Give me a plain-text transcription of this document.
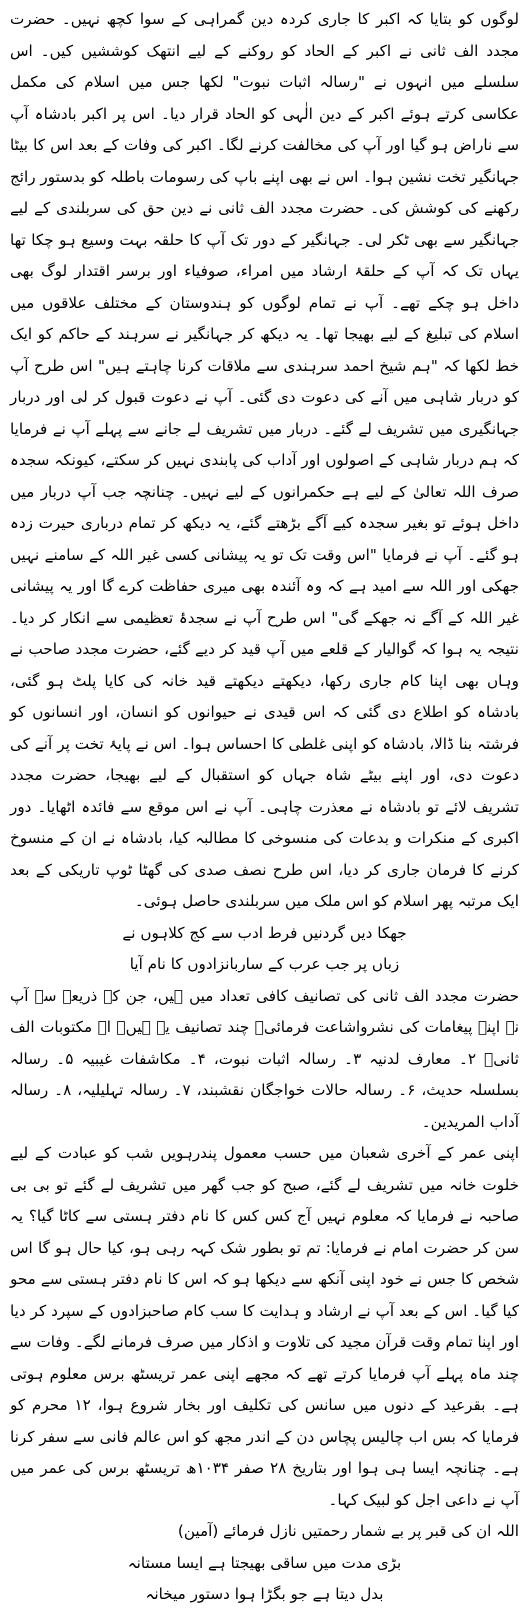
لوگوں کو بتایا کہ اکبر کا جاری کردہ دین گمراہی کے سوا کچھ نہیں۔ حضرت مجدد الف ثانی نے اکبر کے الحاد کو روکنے کے لیے انتھک کوششیں کیں۔ اس سلسلے میں انہوں نے "رسالہ اثبات نبوت" لکھا جس میں اسلام کی مکمل عکاسی کرتے ہوئے اکبر کے دین الٰہی کو الحاد قرار دیا۔ اس پر اکبر بادشاہ آپ سے ناراض ہو گیا اور آپ کی مخالفت کرنے لگا۔ اکبر کی وفات کے بعد اس کا بیٹا جہانگیر تخت نشین ہوا۔ اس نے بھی اپنے باپ کی رسومات باطلہ کو بدستور رائج رکھنے کی کوشش کی۔ حضرت مجدد الف ثانی نے دین حق کی سربلندی کے لیے جہانگیر سے بھی ٹکر لی۔ جہانگیر کے دور تک آپ کا حلقہ بہت وسیع ہو چکا تھا یہاں تک کہ آپ کے حلقۂ ارشاد میں امراء، صوفیاء اور برسر اقتدار لوگ بھی داخل ہو چکے تھے۔ آپ نے تمام لوگوں کو ہندوستان کے مختلف علاقوں میں اسلام کی تبلیغ کے لیے بھیجا تھا۔ یہ دیکھ کر جہانگیر نے سرہند کے حاکم کو ایک خط لکھا کہ "ہم شیخ احمد سرہندی سے ملاقات کرنا چاہتے ہیں" اس طرح آپ کو دربار شاہی میں آنے کی دعوت دی گئی۔ آپ نے دعوت قبول کر لی اور دربار جہانگیری میں تشریف لے گئے۔ دربار میں تشریف لے جانے سے پہلے آپ نے فرمایا کہ ہم دربار شاہی کے اصولوں اور آداب کی پابندی نہیں کر سکتے، کیونکہ سجدہ صرف اللہ تعالیٰ کے لیے ہے حکمرانوں کے لیے نہیں۔ چنانچہ جب آپ دربار میں داخل ہوئے تو بغیر سجدہ کیے آگے بڑھتے گئے، یہ دیکھ کر تمام درباری حیرت زدہ ہو گئے۔ آپ نے فرمایا "اس وقت تک تو یہ پیشانی کسی غیر اللہ کے سامنے نہیں جھکی اور اللہ سے امید ہے کہ وہ آئندہ بھی میری حفاظت کرے گا اور یہ پیشانی غیر اللہ کے آگے نہ جھکے گی" اس طرح آپ نے سجدۂ تعظیمی سے انکار کر دیا۔ نتیجہ یہ ہوا کہ گوالیار کے قلعے میں آپ قید کر دیے گئے، حضرت مجدد صاحب نے وہاں بھی اپنا کام جاری رکھا، دیکھتے دیکھتے قید خانہ کی کایا پلٹ ہو گئی، بادشاہ کو اطلاع دی گئی کہ اس قیدی نے حیوانوں کو انسان، اور انسانوں کو فرشتہ بنا ڈالا، بادشاہ کو اپنی غلطی کا احساس ہوا۔ اس نے پایۂ تخت پر آنے کی دعوت دی، اور اپنے بیٹے شاہ جہاں کو استقبال کے لیے بھیجا، حضرت مجدد تشریف لائے تو بادشاہ نے معذرت چاہی۔ آپ نے اس موقع سے فائدہ اٹھایا۔ دور اکبری کے منکرات و بدعات کی منسوخی کا مطالبہ کیا، بادشاہ نے ان کے منسوخ کرنے کا فرمان جاری کر دیا، اس طرح نصف صدی کی گھٹا ٹوپ تاریکی کے بعد ایک مرتبہ پھر اسلام کو اس ملک میں سربلندی حاصل ہوئی۔

جھکا دیں گردنیں فرط ادب سے کج کلاہوں نے

زباں پر جب عرب کے ساربانزادوں کا نام آیا

حضرت مجدد الف ثانی کی تصانیف کافی تعداد میں ہیں، جن کے ذریعے سے آپ نے اپنے پیغامات کی نشرواشاعت فرمائی۔ چند تصانیف یہ ہیں۔ ا۔ مکتوبات الف ثانیؒ ۲۔ معارف لدنیہ ۳۔ رسالہ اثبات نبوت، ۴۔ مکاشفات غیبیہ ۵۔ رسالہ بسلسلہ حدیث، ۶۔ رسالہ حالات خواجگان نقشبند، ۷۔ رسالہ تہلیلیہ، ۸۔ رسالہ آداب المریدین۔

اپنی عمر کے آخری شعبان میں حسب معمول پندرہویں شب کو عبادت کے لیے خلوت خانہ میں تشریف لے گئے، صبح کو جب گھر میں تشریف لے گئے تو بی بی صاحبہ نے فرمایا کہ معلوم نہیں آج کس کس کا نام دفتر ہستی سے کاٹا گیا؟ یہ سن کر حضرت امام نے فرمایا: تم تو بطور شک کہہ رہی ہو، کیا حال ہو گا اس شخص کا جس نے خود اپنی آنکھ سے دیکھا ہو کہ اس کا نام دفتر ہستی سے محو کیا گیا۔ اس کے بعد آپ نے ارشاد و ہدایت کا سب کام صاحبزادوں کے سپرد کر دیا اور اپنا تمام وقت قرآن مجید کی تلاوت و اذکار میں صرف فرمانے لگے۔ وفات سے چند ماہ پہلے آپ فرمایا کرتے تھے کہ مجھے اپنی عمر تریسٹھ برس معلوم ہوتی ہے۔ بقرعید کے دنوں میں سانس کی تکلیف اور بخار شروع ہوا، ۱۲ محرم کو فرمایا کہ بس اب چالیس پچاس دن کے اندر مجھ کو اس عالم فانی سے سفر کرنا ہے۔ چنانچہ ایسا ہی ہوا اور بتاریخ ۲۸ صفر ۱۰۳۴ھ تریسٹھ برس کی عمر میں آپ نے داعی اجل کو لبیک کہا۔

اللہ ان کی قبر پر بے شمار رحمتیں نازل فرمائے (آمین)

بڑی مدت میں ساقی بھیجتا ہے ایسا مستانہ

بدل دیتا ہے جو بگڑا ہوا دستور میخانہ
